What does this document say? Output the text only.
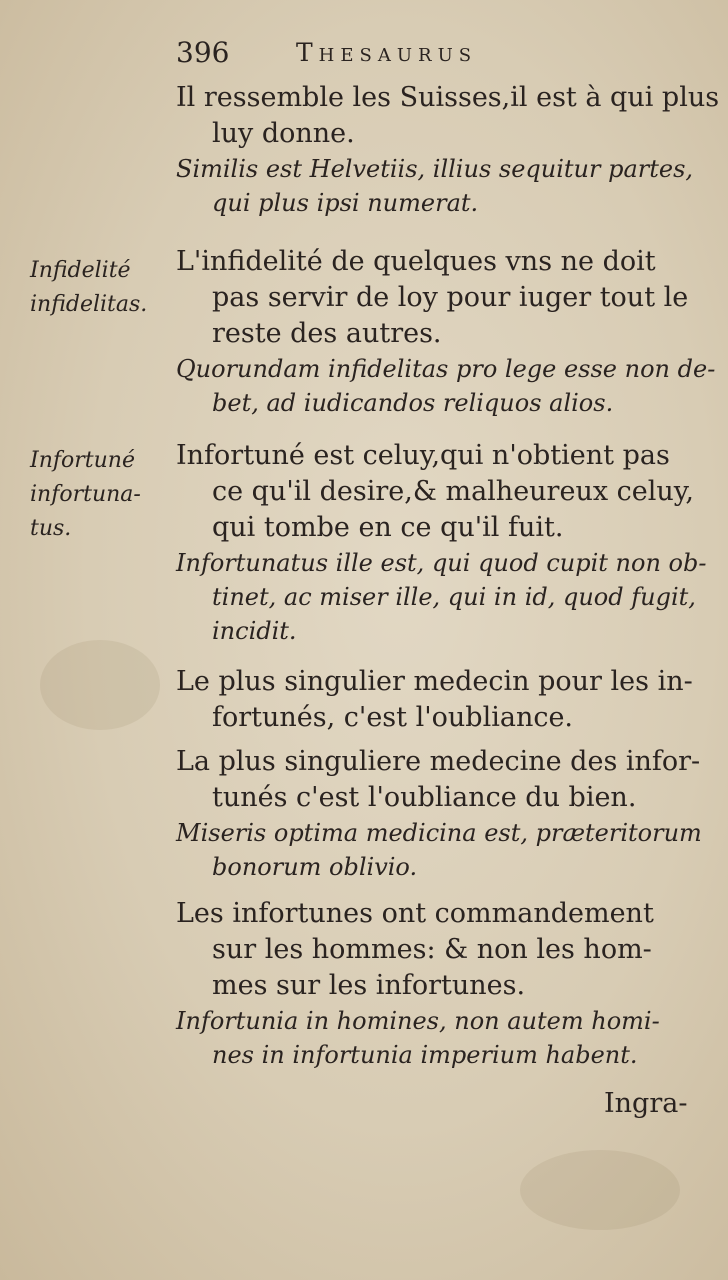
396	Thesaurus
Infidelité
infidelitas.
Infortuné
infortuna-
tus.
Il ressemble les Suisses,il est à qui plus
luy donne.
Similis est Helvetiis, illius sequitur partes,
qui plus ipsi numerat.
L'infidelité de quelques vns ne doit
pas servir de loy pour iuger tout le
reste des autres.
Quorundam infidelitas pro lege esse non de-
bet, ad iudicandos reliquos alios.
Infortuné est celuy,qui n'obtient pas
ce qu'il desire,& malheureux celuy,
qui tombe en ce qu'il fuit.
Infortunatus ille est, qui quod cupit non ob-
tinet, ac miser ille, qui in id, quod fugit,
incidit.
Le plus singulier medecin pour les in-
fortunés, c'est l'oubliance.
La plus singuliere medecine des infor-
tunés c'est l'oubliance du bien.
Miseris optima medicina est, præteritorum
bonorum oblivio.
Les infortunes ont commandement
sur les hommes: & non les hom-
mes sur les infortunes.
Infortunia in homines, non autem homi-
nes in infortunia imperium habent.
Ingra-
